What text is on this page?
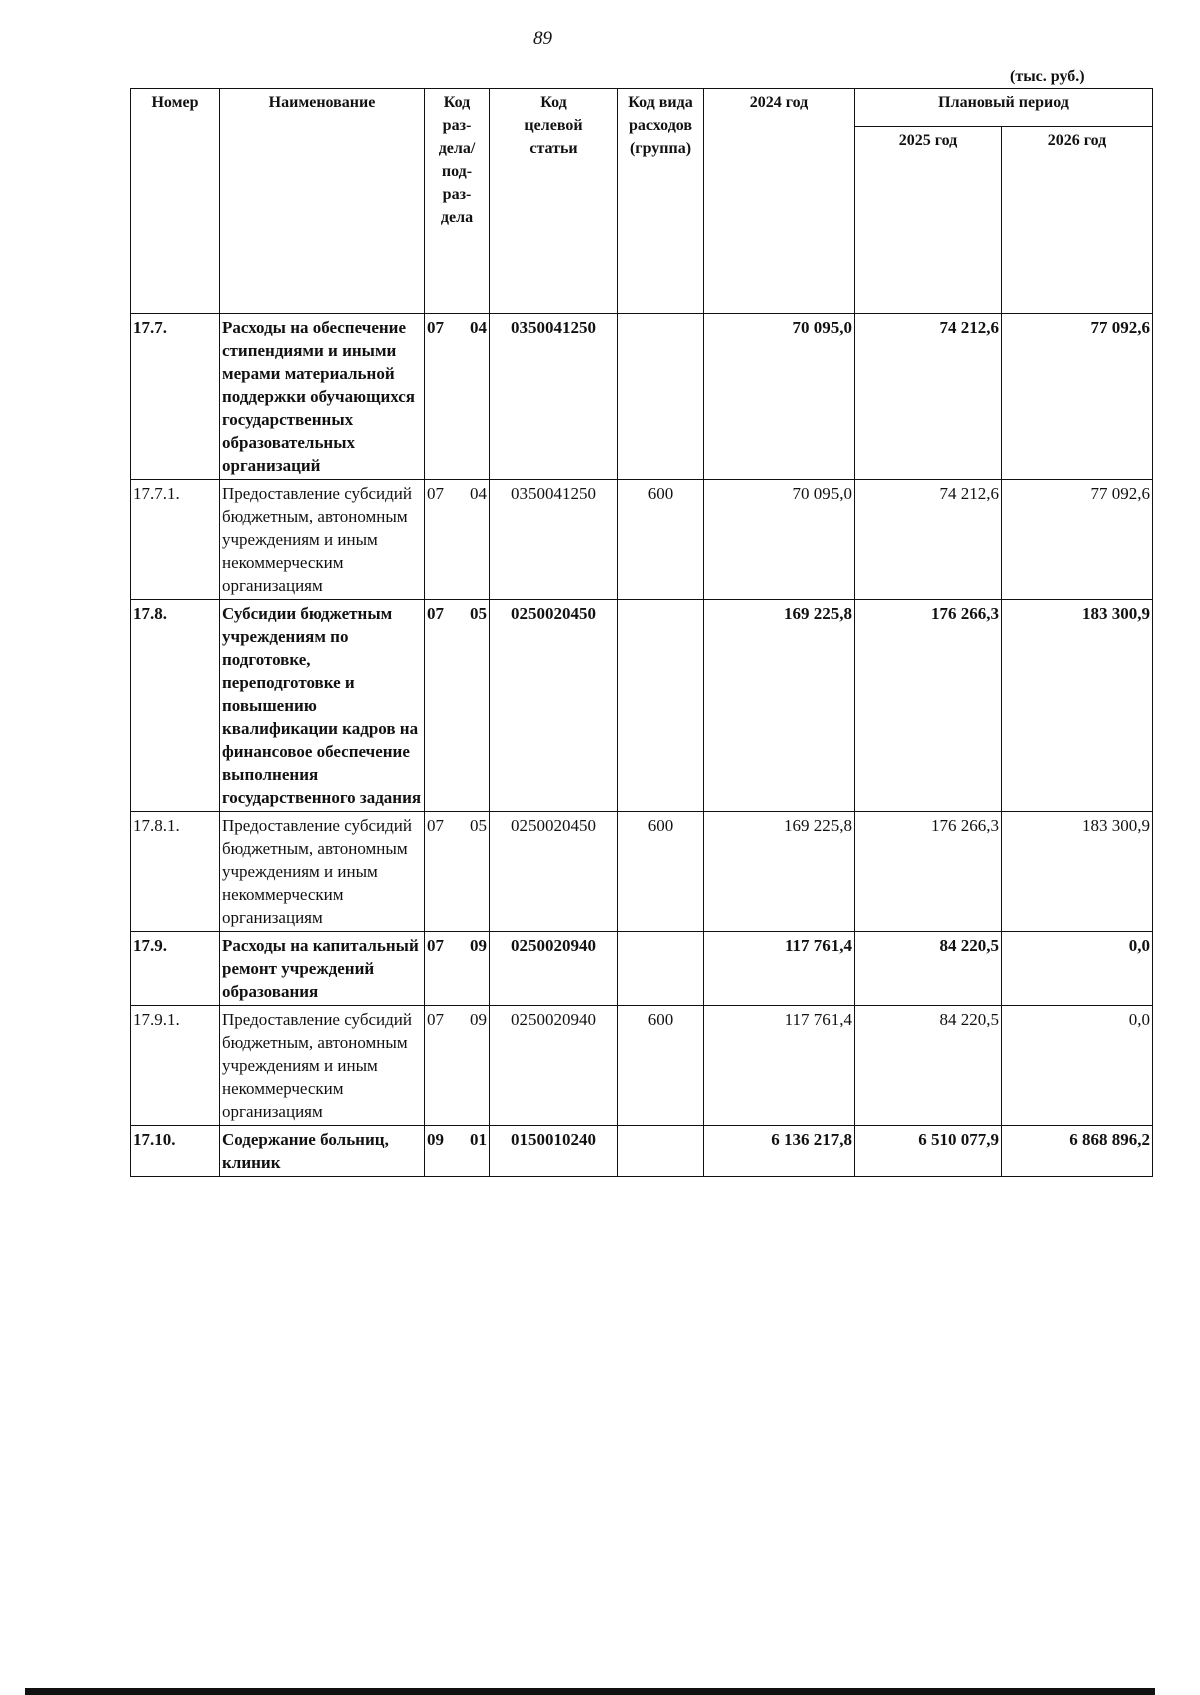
89
(тыс. руб.)
Номер	Наименование	Код раз-дела/ под-раз-дела	Код целевой статьи	Код вида расходов (группа)	2024 год	Плановый период	
						2025 год	2026 год
17.7.	Расходы на обеспечение стипендиями и иными мерами материальной поддержки обучающихся государственных образовательных организаций	07 04	0350041250		70 095,0	74 212,6	77 092,6
17.7.1.	Предоставление субсидий бюджетным, автономным учреждениям и иным некоммерческим организациям	07 04	0350041250	600	70 095,0	74 212,6	77 092,6
17.8.	Субсидии бюджетным учреждениям по подготовке, переподготовке и повышению квалификации кадров на финансовое обеспечение выполнения государственного задания	07 05	0250020450		169 225,8	176 266,3	183 300,9
17.8.1.	Предоставление субсидий бюджетным, автономным учреждениям и иным некоммерческим организациям	07 05	0250020450	600	169 225,8	176 266,3	183 300,9
17.9.	Расходы на капитальный ремонт учреждений образования	07 09	0250020940		117 761,4	84 220,5	0,0
17.9.1.	Предоставление субсидий бюджетным, автономным учреждениям и иным некоммерческим организациям	07 09	0250020940	600	117 761,4	84 220,5	0,0
17.10.	Содержание больниц, клиник	09 01	0150010240		6 136 217,8	6 510 077,9	6 868 896,2
